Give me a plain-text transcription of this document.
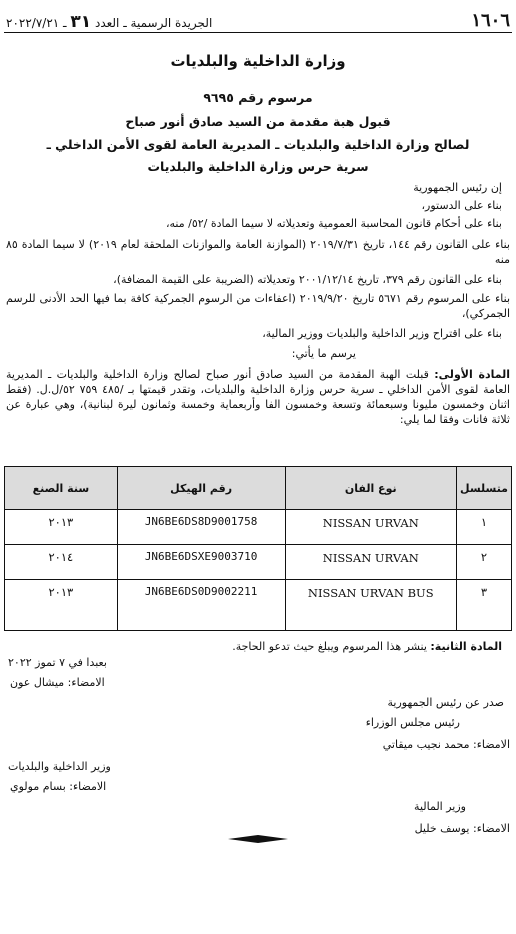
١٦٠٦
الجريدة الرسمية ـ العدد ٣١ ـ ٢٠٢٢/٧/٢١
وزارة الداخلية والبلديات
مرسوم رقم ٩٦٩٥
قبول هبة مقدمة من السيد صادق أنور صباح
لصالح وزارة الداخلية والبلديات ـ المديرية العامة لقوى الأمن الداخلي ـ
سرية حرس وزارة الداخلية والبلديات
إن رئيس الجمهورية
بناء على الدستور،
بناء على أحكام قانون المحاسبة العمومية وتعديلاته لا سيما المادة /٥٢/ منه،
بناء على القانون رقم ١٤٤، تاريخ ٢٠١٩/٧/٣١ (الموازنة العامة والموازنات الملحقة لعام ٢٠١٩) لا سيما المادة ٨٥ منه
بناء على القانون رقم ٣٧٩، تاريخ ٢٠٠١/١٢/١٤ وتعديلاته (الضريبة على القيمة المضافة)،
بناء على المرسوم رقم ٥٦٧١ تاريخ ٢٠١٩/٩/٢٠ (اعفاءات من الرسوم الجمركية كافة بما فيها الحد الأدنى للرسم الجمركي)،
بناء على اقتراح وزير الداخلية والبلديات ووزير المالية،
يرسم ما يأتي:
المادة الأولى: قبلت الهبة المقدمة من السيد صادق أنور صباح لصالح وزارة الداخلية والبلديات ـ المديرية العامة لقوى الأمن الداخلي ـ سرية حرس وزارة الداخلية والبلديات، وتقدر قيمتها بـ /٤٨٥ ٧٥٩ ٥٢/ل.ل. (فقط اثنان وخمسون مليونا وسبعمائة وتسعة وخمسون الفا وأربعماية وخمسة وثمانون ليرة لبنانية)، وهي عبارة عن ثلاثة فانات وفقا لما يلي:
متسلسل	نوع الفان	رقم الهيكل	سنة الصنع
١	NISSAN URVAN	JN6BE6DS8D9001758	٢٠١٣
٢	NISSAN URVAN	JN6BE6DSXE9003710	٢٠١٤
٣	NISSAN URVAN BUS	JN6BE6DS0D9002211	٢٠١٣
المادة الثانية: ينشر هذا المرسوم ويبلغ حيث تدعو الحاجة.
بعبدا في ٧ تموز ٢٠٢٢
الامضاء: ميشال عون
صدر عن رئيس الجمهورية
رئيس مجلس الوزراء
الامضاء: محمد نجيب ميقاتي
وزير الداخلية والبلديات
الامضاء: بسام مولوي
وزير المالية
الامضاء: يوسف خليل
